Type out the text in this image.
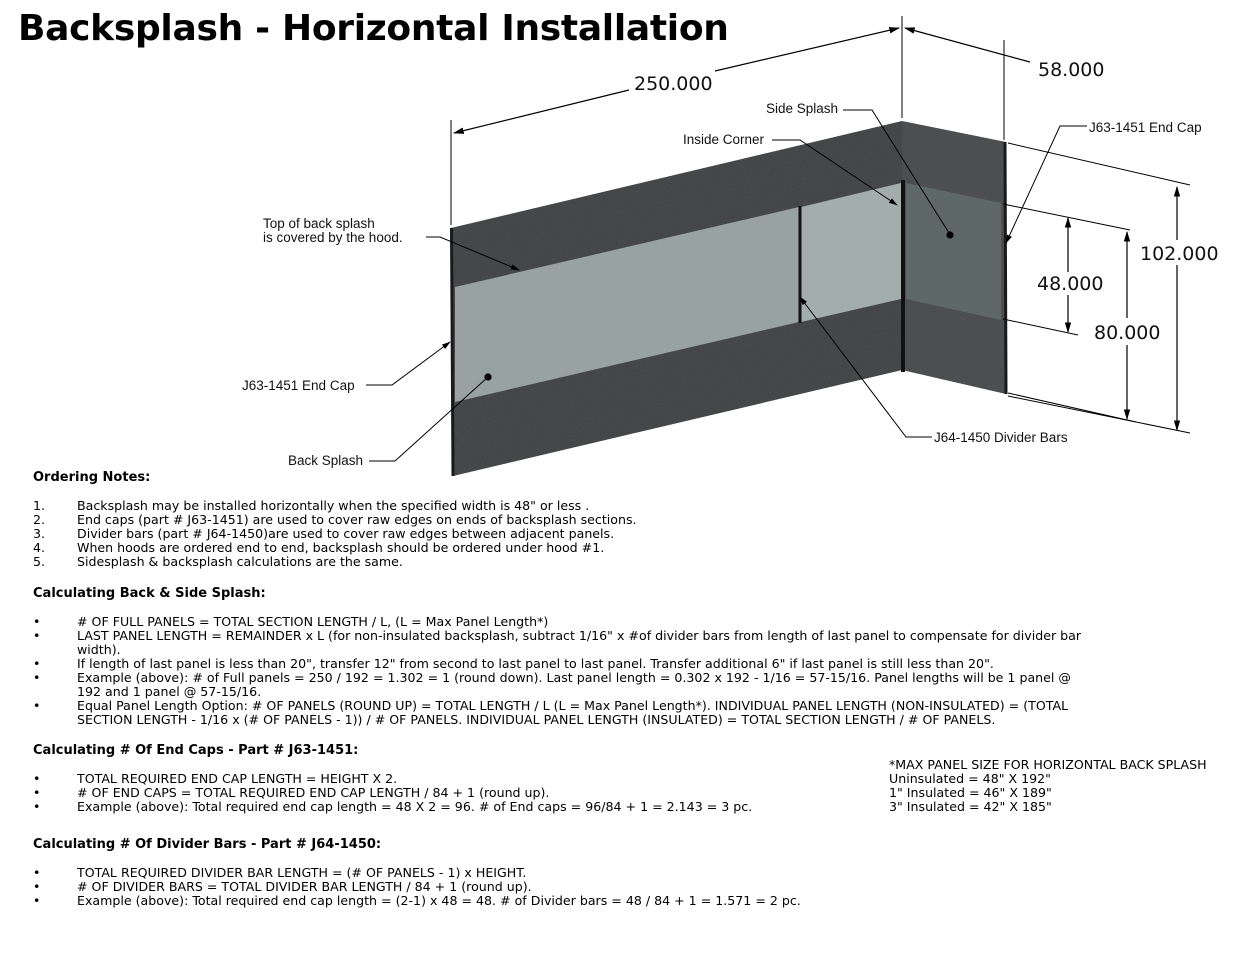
Backsplash - Horizontal Installation
250.000
58.000
102.000
48.000
80.000
Side Splash
Inside Corner
J63-1451 End Cap
Top of back splash
is covered by the hood.
J63-1451 End Cap
Back Splash
J64-1450 Divider Bars
Ordering Notes:
1.	Backsplash may be installed horizontally when the specified width is 48" or less .
2.	End caps (part # J63-1451) are used to cover raw edges on ends of backsplash sections.
3.	Divider bars (part # J64-1450)are used to cover raw edges between adjacent panels.
4.	When hoods are ordered end to end, backsplash should be ordered under hood #1.
5.	Sidesplash & backsplash calculations are the same.
Calculating Back & Side Splash:
•	# OF FULL PANELS = TOTAL SECTION LENGTH / L, (L = Max Panel Length*)
•	LAST PANEL LENGTH = REMAINDER x L (for non-insulated backsplash, subtract 1/16" x #of divider bars from length of last panel to compensate for divider bar width).
•	If length of last panel is less than 20", transfer 12" from second to last panel to last panel. Transfer additional 6" if last panel is still less than 20".
•	Example (above): # of Full panels = 250 / 192 = 1.302 = 1 (round down). Last panel length = 0.302 x 192 - 1/16 = 57-15/16. Panel lengths will be 1 panel @ 192 and 1 panel @ 57-15/16.
•	Equal Panel Length Option: # OF PANELS (ROUND UP) = TOTAL LENGTH / L (L = Max Panel Length*). INDIVIDUAL PANEL LENGTH (NON-INSULATED) = (TOTAL SECTION LENGTH - 1/16 x (# OF PANELS - 1)) / # OF PANELS. INDIVIDUAL PANEL LENGTH (INSULATED) = TOTAL SECTION LENGTH / # OF PANELS.
Calculating # Of End Caps - Part # J63-1451:
•	TOTAL REQUIRED END CAP LENGTH = HEIGHT X 2.
•	# OF END CAPS = TOTAL REQUIRED END CAP LENGTH / 84 + 1 (round up).
•	Example (above): Total required end cap length = 48 X 2 = 96. # of End caps = 96/84 + 1 = 2.143 = 3 pc.
Calculating # Of Divider Bars - Part # J64-1450:
•	TOTAL REQUIRED DIVIDER BAR LENGTH = (# OF PANELS - 1) x HEIGHT.
•	# OF DIVIDER BARS = TOTAL DIVIDER BAR LENGTH / 84 + 1 (round up).
•	Example (above): Total required end cap length = (2-1) x 48 = 48. # of Divider bars = 48 / 84 + 1 = 1.571 = 2 pc.
*MAX PANEL SIZE FOR HORIZONTAL BACK SPLASH
Uninsulated = 48" X 192"
1" Insulated = 46" X 189"
3" Insulated = 42" X 185"
